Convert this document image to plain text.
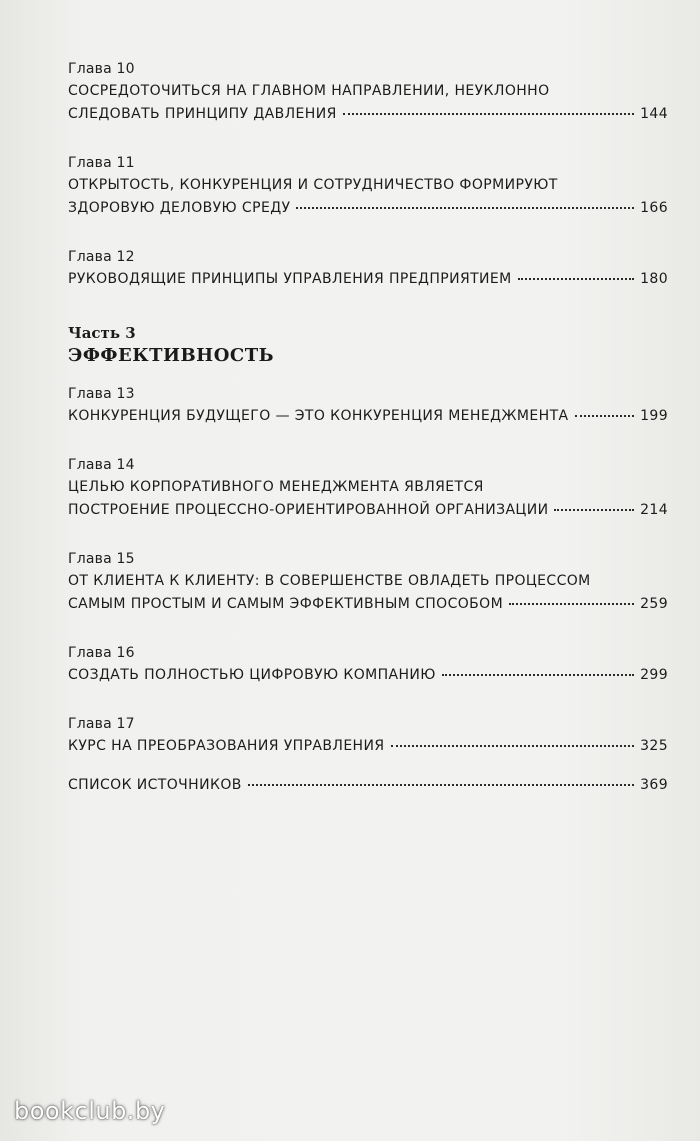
Глава 10
СОСРЕДОТОЧИТЬСЯ НА ГЛАВНОМ НАПРАВЛЕНИИ, НЕУКЛОННО
СЛЕДОВАТЬ ПРИНЦИПУ ДАВЛЕНИЯ	144
Глава 11
ОТКРЫТОСТЬ, КОНКУРЕНЦИЯ И СОТРУДНИЧЕСТВО ФОРМИРУЮТ
ЗДОРОВУЮ ДЕЛОВУЮ СРЕДУ	166
Глава 12
РУКОВОДЯЩИЕ ПРИНЦИПЫ УПРАВЛЕНИЯ ПРЕДПРИЯТИЕМ	180
Часть 3
ЭФФЕКТИВНОСТЬ
Глава 13
КОНКУРЕНЦИЯ БУДУЩЕГО — ЭТО КОНКУРЕНЦИЯ МЕНЕДЖМЕНТА	199
Глава 14
ЦЕЛЬЮ КОРПОРАТИВНОГО МЕНЕДЖМЕНТА ЯВЛЯЕТСЯ
ПОСТРОЕНИЕ ПРОЦЕССНО-ОРИЕНТИРОВАННОЙ ОРГАНИЗАЦИИ	214
Глава 15
ОТ КЛИЕНТА К КЛИЕНТУ: В СОВЕРШЕНСТВЕ ОВЛАДЕТЬ ПРОЦЕССОМ
САМЫМ ПРОСТЫМ И САМЫМ ЭФФЕКТИВНЫМ СПОСОБОМ	259
Глава 16
СОЗДАТЬ ПОЛНОСТЬЮ ЦИФРОВУЮ КОМПАНИЮ	299
Глава 17
КУРС НА ПРЕОБРАЗОВАНИЯ УПРАВЛЕНИЯ	325
СПИСОК ИСТОЧНИКОВ	369
bookclub.by
